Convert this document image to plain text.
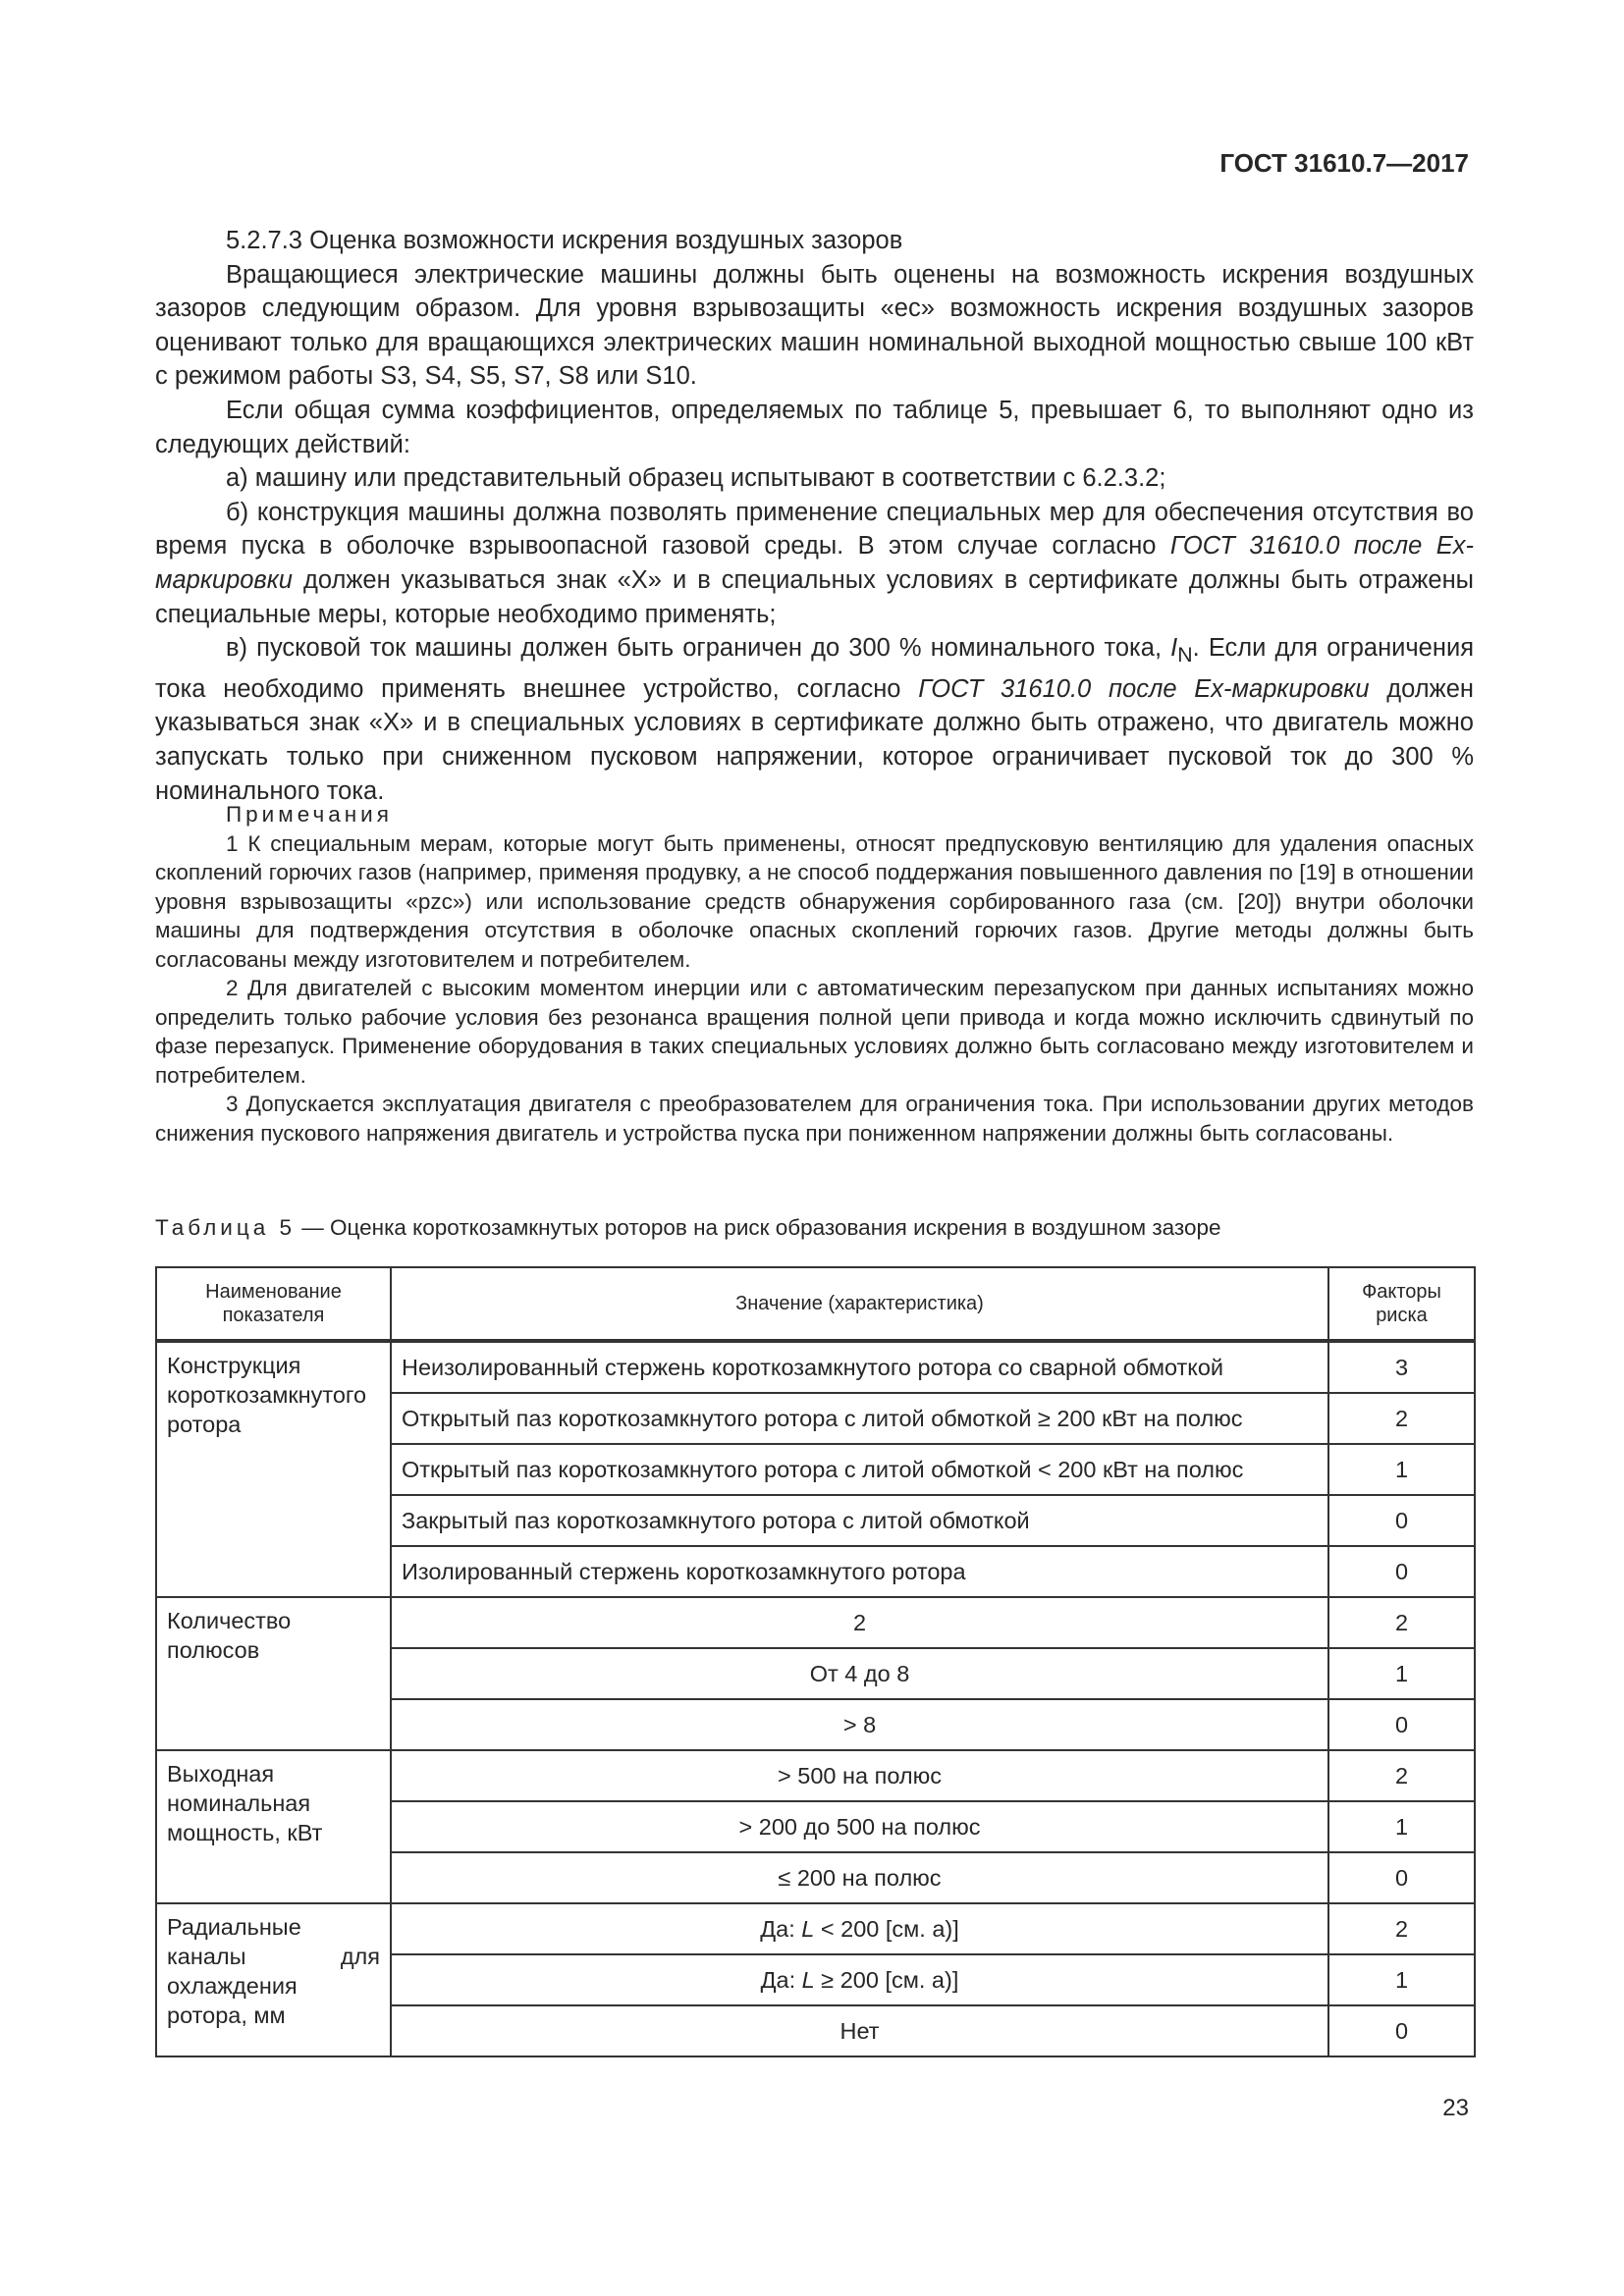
ГОСТ 31610.7—2017

5.2.7.3 Оценка возможности искрения воздушных зазоров

Вращающиеся электрические машины должны быть оценены на возможность искрения воздушных зазоров следующим образом. Для уровня взрывозащиты «ec» возможность искрения воздушных зазоров оценивают только для вращающихся электрических машин номинальной выходной мощностью свыше 100 кВт с режимом работы S3, S4, S5, S7, S8 или S10.

Если общая сумма коэффициентов, определяемых по таблице 5, превышает 6, то выполняют одно из следующих действий:

а) машину или представительный образец испытывают в соответствии с 6.2.3.2;

б) конструкция машины должна позволять применение специальных мер для обеспечения отсутствия во время пуска в оболочке взрывоопасной газовой среды. В этом случае согласно ГОСТ 31610.0 после Ex-маркировки должен указываться знак «X» и в специальных условиях в сертификате должны быть отражены специальные меры, которые необходимо применять;

в) пусковой ток машины должен быть ограничен до 300 % номинального тока, $I_N$. Если для ограничения тока необходимо применять внешнее устройство, согласно ГОСТ 31610.0 после Ex-маркировки должен указываться знак «X» и в специальных условиях в сертификате должно быть отражено, что двигатель можно запускать только при сниженном пусковом напряжении, которое ограничивает пусковой ток до 300 % номинального тока.

Примечания

1 К специальным мерам, которые могут быть применены, относят предпусковую вентиляцию для удаления опасных скоплений горючих газов (например, применяя продувку, а не способ поддержания повышенного давления по [19] в отношении уровня взрывозащиты «pzc») или использование средств обнаружения сорбированного газа (см. [20]) внутри оболочки машины для подтверждения отсутствия в оболочке опасных скоплений горючих газов. Другие методы должны быть согласованы между изготовителем и потребителем.

2 Для двигателей с высоким моментом инерции или с автоматическим перезапуском при данных испытаниях можно определить только рабочие условия без резонанса вращения полной цепи привода и когда можно исключить сдвинутый по фазе перезапуск. Применение оборудования в таких специальных условиях должно быть согласовано между изготовителем и потребителем.

3 Допускается эксплуатация двигателя с преобразователем для ограничения тока. При использовании других методов снижения пускового напряжения двигатель и устройства пуска при пониженном напряжении должны быть согласованы.

Таблица 5 — Оценка короткозамкнутых роторов на риск образования искрения в воздушном зазоре
Наименование показателя	Значение (характеристика)	Факторы риска
Конструкция короткозамкнутого ротора	Неизолированный стержень короткозамкнутого ротора со сварной обмоткой	3
	Открытый паз короткозамкнутого ротора с литой обмоткой ≥ 200 кВт на полюс	2
	Открытый паз короткозамкнутого ротора с литой обмоткой < 200 кВт на полюс	1
	Закрытый паз короткозамкнутого ротора с литой обмоткой	0
	Изолированный стержень короткозамкнутого ротора	0
Количество полюсов	2	2
	От 4 до 8	1
	> 8	0
Выходная номинальная мощность, кВт	> 500 на полюс	2
	> 200 до 500 на полюс	1
	≤ 200 на полюс	0
Радиальные каналы для охлаждения ротора, мм	Да: L < 200 [см. а)]	2
	Да: L ≥ 200 [см. а)]	1
	Нет	0
23
